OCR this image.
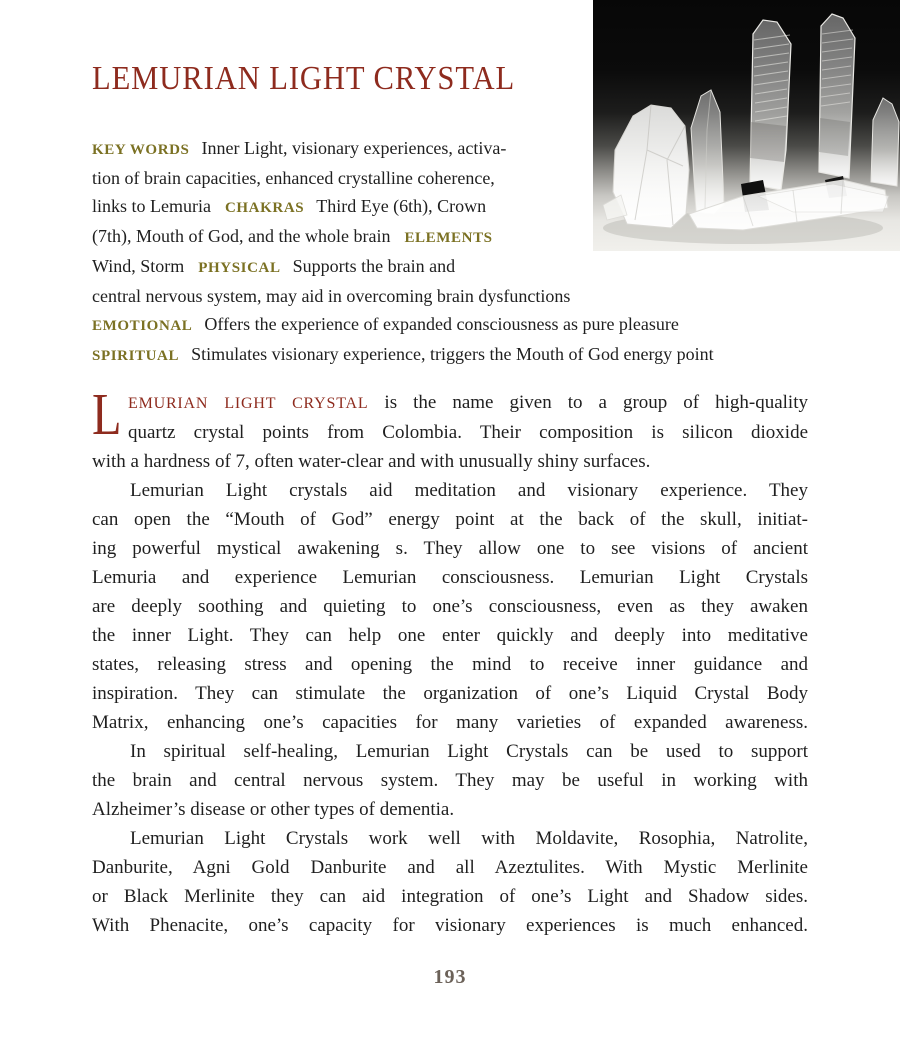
LEMURIAN LIGHT CRYSTAL
KEY WORDS Inner Light, visionary experiences, activa-
tion of brain capacities, enhanced crystalline coherence,
links to Lemuria CHAKRAS Third Eye (6th), Crown
(7th), Mouth of God, and the whole brain ELEMENTS
Wind, Storm PHYSICAL Supports the brain and
central nervous system, may aid in overcoming brain dysfunctions
EMOTIONAL Offers the experience of expanded consciousness as pure pleasure
SPIRITUAL Stimulates visionary experience, triggers the Mouth of God energy point
L EMURIAN LIGHT CRYSTAL is the name given to a group of high-quality
quartz crystal points from Colombia. Their composition is silicon dioxide
with a hardness of 7, often water-clear and with unusually shiny surfaces.
Lemurian Light crystals aid meditation and visionary experience. They
can open the “Mouth of God” energy point at the back of the skull, initiat-
ing powerful mystical awakening s. They allow one to see visions of ancient
Lemuria and experience Lemurian consciousness. Lemurian Light Crystals
are deeply soothing and quieting to one’s consciousness, even as they awaken
the inner Light. They can help one enter quickly and deeply into meditative
states, releasing stress and opening the mind to receive inner guidance and
inspiration. They can stimulate the organization of one’s Liquid Crystal Body
Matrix, enhancing one’s capacities for many varieties of expanded awareness.
In spiritual self-healing, Lemurian Light Crystals can be used to support
the brain and central nervous system. They may be useful in working with
Alzheimer’s disease or other types of dementia.
Lemurian Light Crystals work well with Moldavite, Rosophia, Natrolite,
Danburite, Agni Gold Danburite and all Azeztulites. With Mystic Merlinite
or Black Merlinite they can aid integration of one’s Light and Shadow sides.
With Phenacite, one’s capacity for visionary experiences is much enhanced.
193
